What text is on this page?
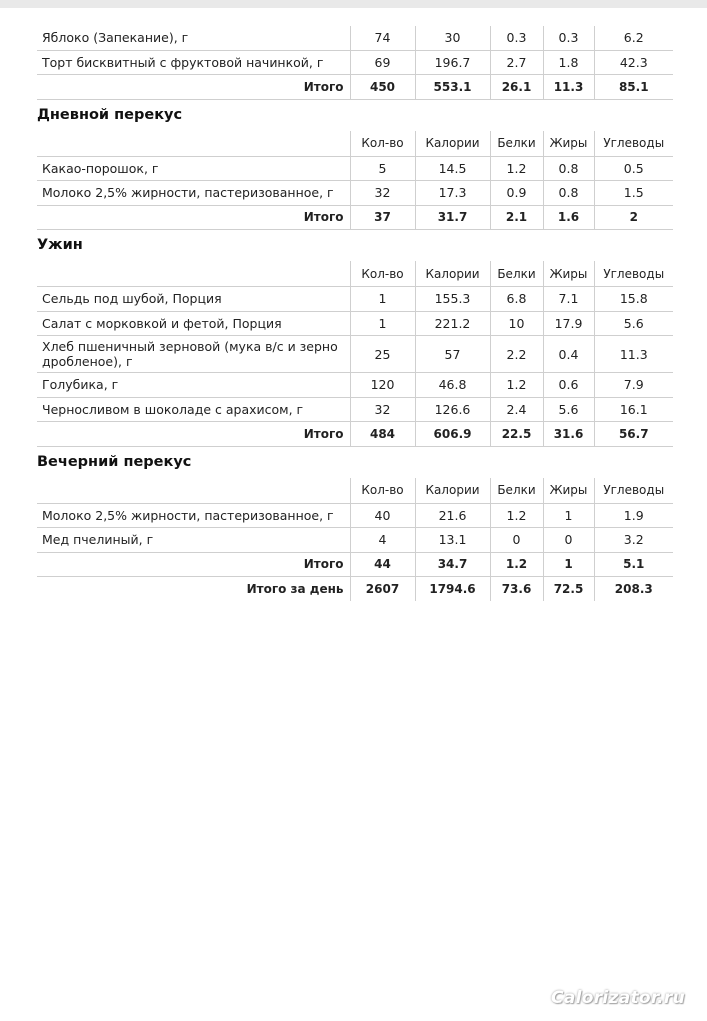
Яблоко (Запекание), г	74	30	0.3	0.3	6.2
Торт бисквитный с фруктовой начинкой, г	69	196.7	2.7	1.8	42.3
Итого	450	553.1	26.1	11.3	85.1
Дневной перекус
	Кол-во	Калории	Белки	Жиры	Углеводы
Какао-порошок, г	5	14.5	1.2	0.8	0.5
Молоко 2,5% жирности, пастеризованное, г	32	17.3	0.9	0.8	1.5
Итого	37	31.7	2.1	1.6	2
Ужин
	Кол-во	Калории	Белки	Жиры	Углеводы
Сельдь под шубой, Порция	1	155.3	6.8	7.1	15.8
Салат с морковкой и фетой, Порция	1	221.2	10	17.9	5.6
Хлеб пшеничный зерновой (мука в/с и зерно дробленое), г	25	57	2.2	0.4	11.3
Голубика, г	120	46.8	1.2	0.6	7.9
Черносливом в шоколаде с арахисом, г	32	126.6	2.4	5.6	16.1
Итого	484	606.9	22.5	31.6	56.7
Вечерний перекус
	Кол-во	Калории	Белки	Жиры	Углеводы
Молоко 2,5% жирности, пастеризованное, г	40	21.6	1.2	1	1.9
Мед пчелиный, г	4	13.1	0	0	3.2
Итого	44	34.7	1.2	1	5.1
Итого за день	2607	1794.6	73.6	72.5	208.3
Calorizator.ru
